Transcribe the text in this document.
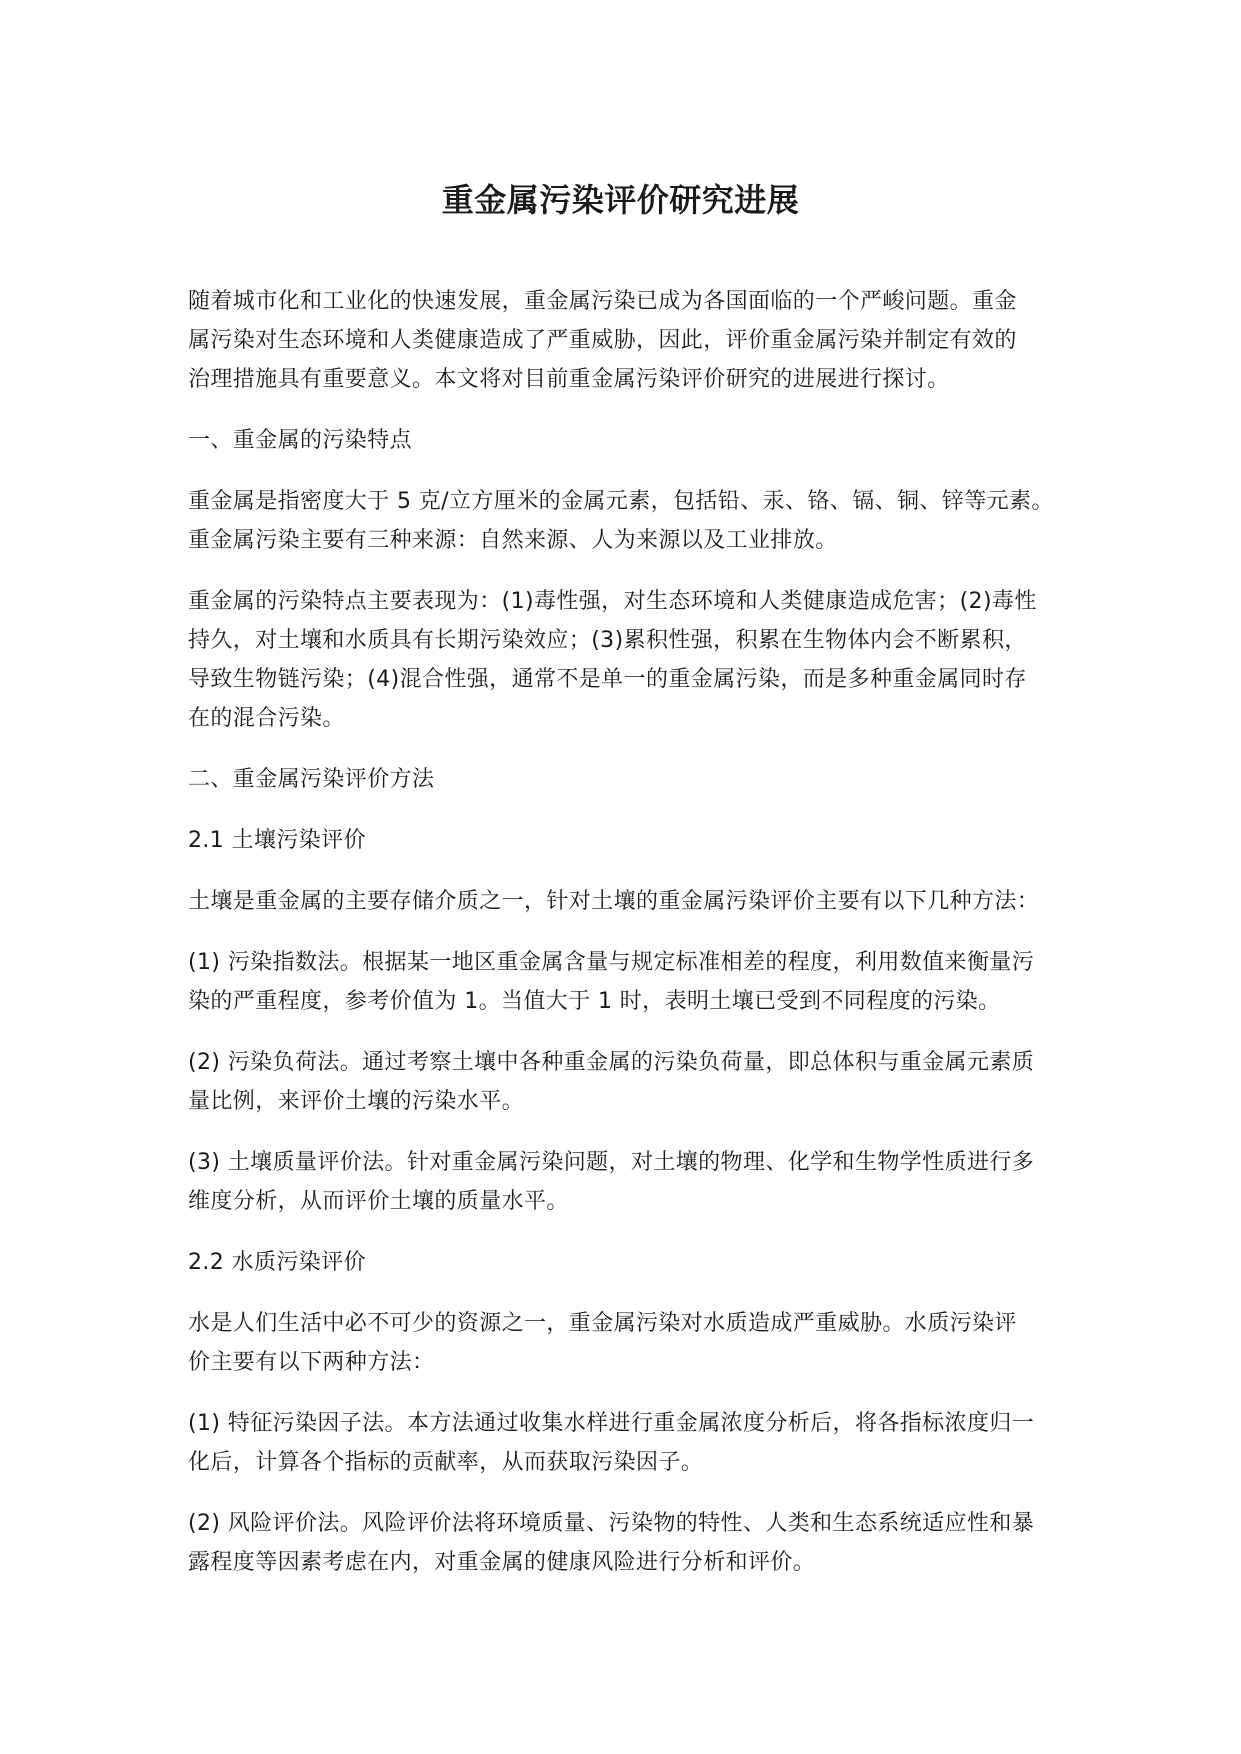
重金属污染评价研究进展

随着城市化和工业化的快速发展，重金属污染已成为各国面临的一个严峻问题。重金
属污染对生态环境和人类健康造成了严重威胁，因此，评价重金属污染并制定有效的
治理措施具有重要意义。本文将对目前重金属污染评价研究的进展进行探讨。

一、重金属的污染特点

重金属是指密度大于 5 克/立方厘米的金属元素，包括铅、汞、铬、镉、铜、锌等元素。
重金属污染主要有三种来源：自然来源、人为来源以及工业排放。

重金属的污染特点主要表现为：(1)毒性强，对生态环境和人类健康造成危害；(2)毒性
持久，对土壤和水质具有长期污染效应；(3)累积性强，积累在生物体内会不断累积，
导致生物链污染；(4)混合性强，通常不是单一的重金属污染，而是多种重金属同时存
在的混合污染。

二、重金属污染评价方法

2.1 土壤污染评价

土壤是重金属的主要存储介质之一，针对土壤的重金属污染评价主要有以下几种方法：

(1) 污染指数法。根据某一地区重金属含量与规定标准相差的程度，利用数值来衡量污
染的严重程度，参考价值为 1。当值大于 1 时，表明土壤已受到不同程度的污染。

(2) 污染负荷法。通过考察土壤中各种重金属的污染负荷量，即总体积与重金属元素质
量比例，来评价土壤的污染水平。

(3) 土壤质量评价法。针对重金属污染问题，对土壤的物理、化学和生物学性质进行多
维度分析，从而评价土壤的质量水平。

2.2 水质污染评价

水是人们生活中必不可少的资源之一，重金属污染对水质造成严重威胁。水质污染评
价主要有以下两种方法：

(1) 特征污染因子法。本方法通过收集水样进行重金属浓度分析后，将各指标浓度归一
化后，计算各个指标的贡献率，从而获取污染因子。

(2) 风险评价法。风险评价法将环境质量、污染物的特性、人类和生态系统适应性和暴
露程度等因素考虑在内，对重金属的健康风险进行分析和评价。
